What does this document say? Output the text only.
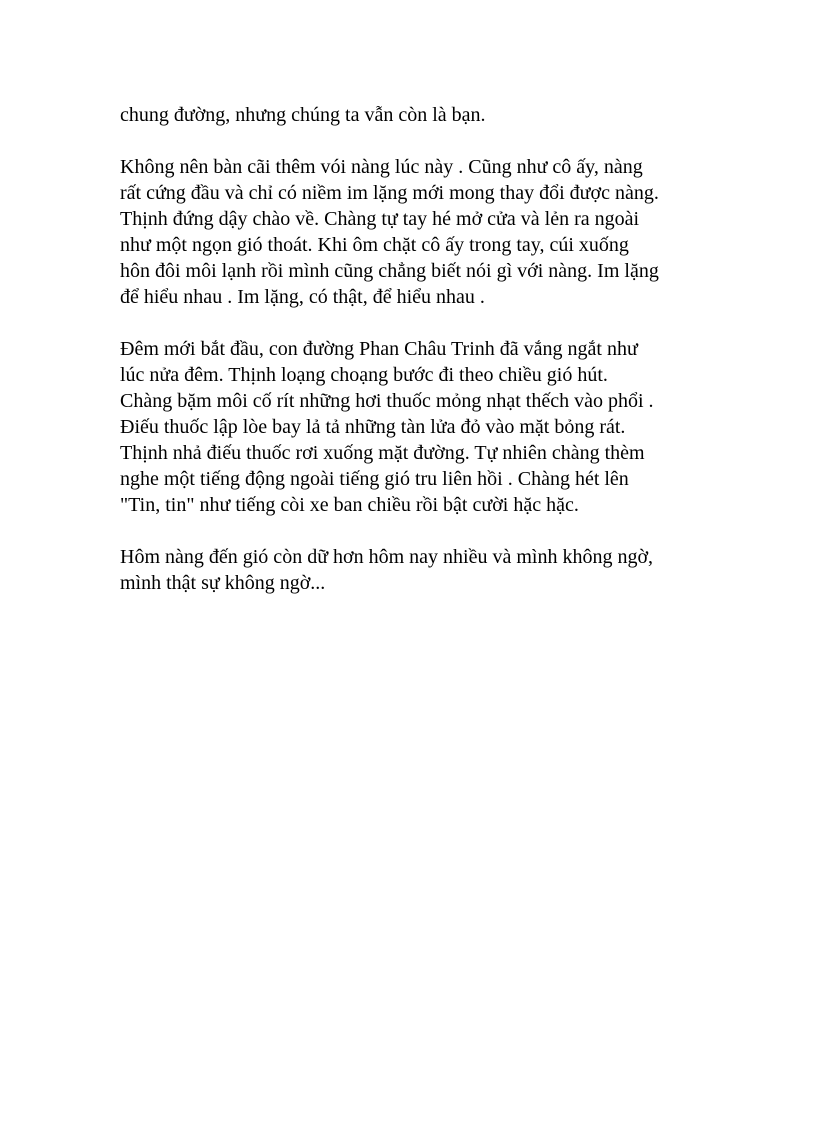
chung đường, nhưng chúng ta vẫn còn là bạn.

Không nên bàn cãi thêm vói nàng lúc này . Cũng như cô ấy, nàng
rất cứng đầu và chỉ có niềm im lặng mới mong thay đổi được nàng.
Thịnh đứng dậy chào về. Chàng tự tay hé mở cửa và lẻn ra ngoài
như một ngọn gió thoát. Khi ôm chặt cô ấy trong tay, cúi xuống
hôn đôi môi lạnh rồi mình cũng chẳng biết nói gì với nàng. Im lặng
để hiểu nhau . Im lặng, có thật, để hiểu nhau .

Đêm mới bắt đầu, con đường Phan Châu Trinh đã vắng ngắt như
lúc nửa đêm. Thịnh loạng choạng bước đi theo chiều gió hút.
Chàng bặm môi cố rít những hơi thuốc mỏng nhạt thếch vào phổi .
Điếu thuốc lập lòe bay lả tả những tàn lửa đỏ vào mặt bỏng rát.
Thịnh nhả điếu thuốc rơi xuống mặt đường. Tự nhiên chàng thèm
nghe một tiếng động ngoài tiếng gió tru liên hồi . Chàng hét lên
"Tin, tin" như tiếng còi xe ban chiều rồi bật cười hặc hặc.

Hôm nàng đến gió còn dữ hơn hôm nay nhiều và mình không ngờ,
mình thật sự không ngờ...
